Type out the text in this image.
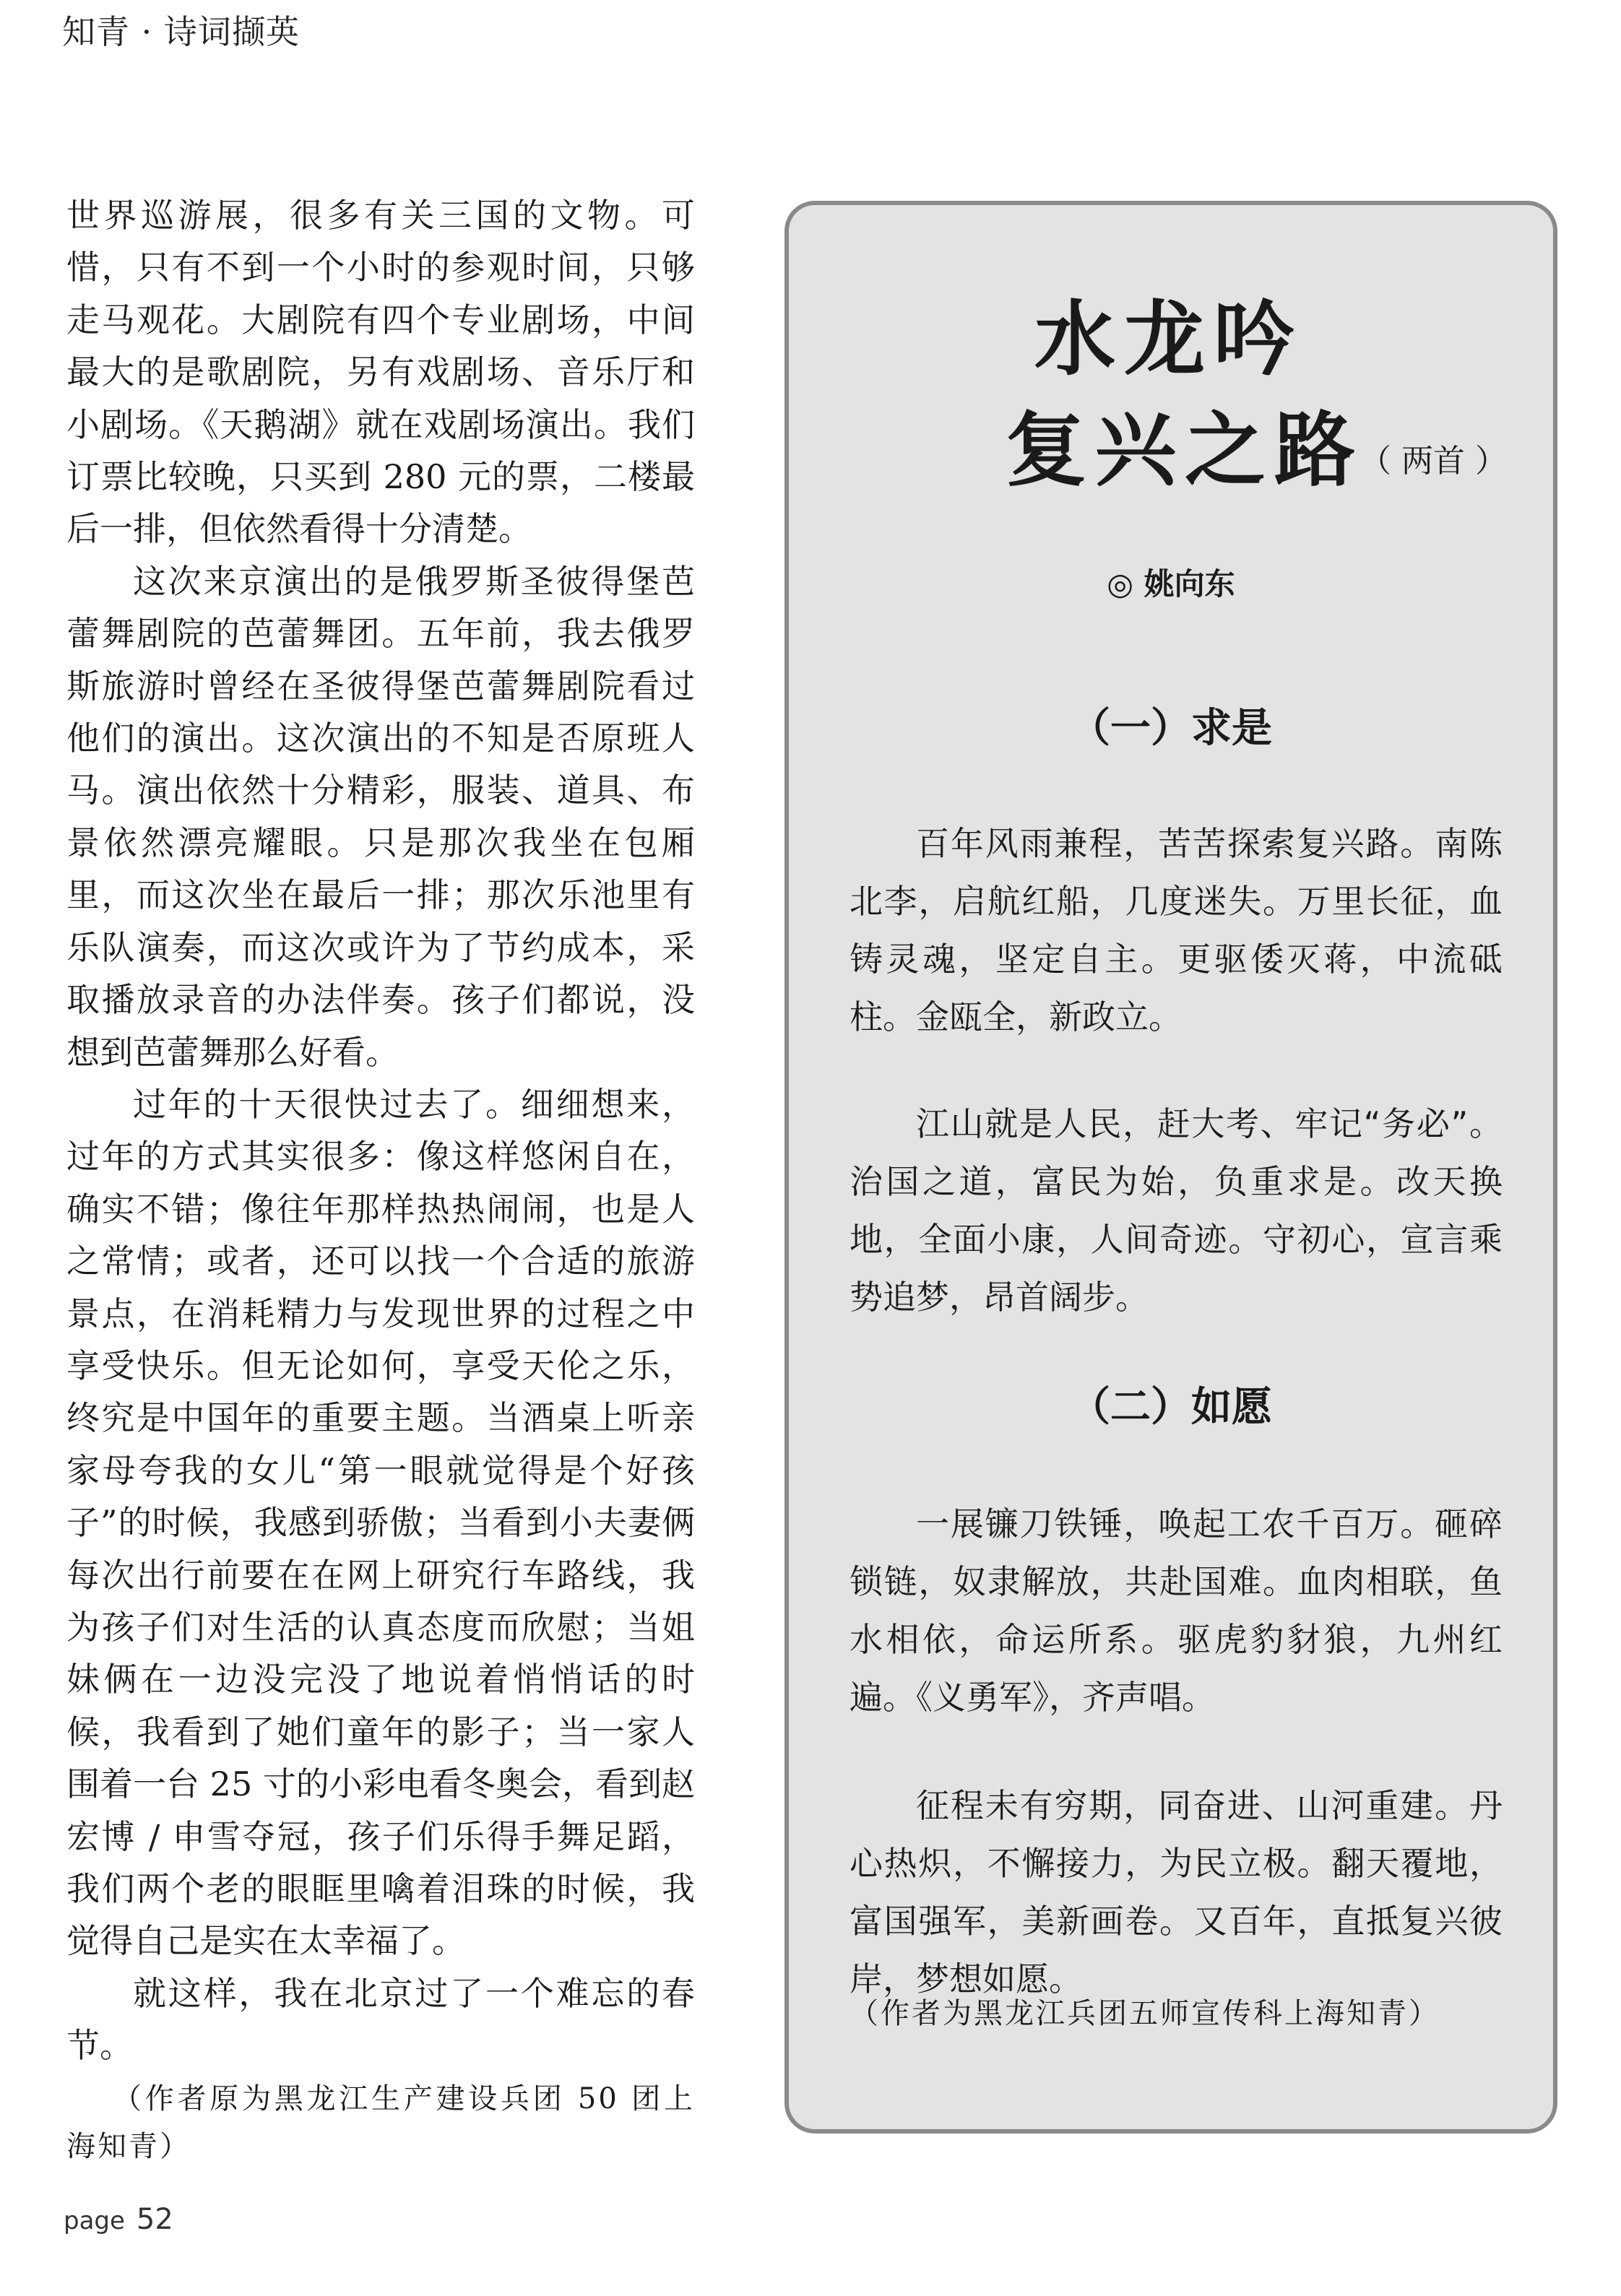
知青 · 诗词撷英

世界巡游展，很多有关三国的文物。可惜，只有不到一个小时的参观时间，只够走马观花。大剧院有四个专业剧场，中间最大的是歌剧院，另有戏剧场、音乐厅和小剧场。《天鹅湖》就在戏剧场演出。我们订票比较晚，只买到 280 元的票，二楼最后一排，但依然看得十分清楚。

这次来京演出的是俄罗斯圣彼得堡芭蕾舞剧院的芭蕾舞团。五年前，我去俄罗斯旅游时曾经在圣彼得堡芭蕾舞剧院看过他们的演出。这次演出的不知是否原班人马。演出依然十分精彩，服装、道具、布景依然漂亮耀眼。只是那次我坐在包厢里，而这次坐在最后一排；那次乐池里有乐队演奏，而这次或许为了节约成本，采取播放录音的办法伴奏。孩子们都说，没想到芭蕾舞那么好看。

过年的十天很快过去了。细细想来，过年的方式其实很多：像这样悠闲自在，确实不错；像往年那样热热闹闹，也是人之常情；或者，还可以找一个合适的旅游景点，在消耗精力与发现世界的过程之中享受快乐。但无论如何，享受天伦之乐，终究是中国年的重要主题。当酒桌上听亲家母夸我的女儿“第一眼就觉得是个好孩子”的时候，我感到骄傲；当看到小夫妻俩每次出行前要在在网上研究行车路线，我为孩子们对生活的认真态度而欣慰；当姐妹俩在一边没完没了地说着悄悄话的时候，我看到了她们童年的影子；当一家人围着一台 25 寸的小彩电看冬奥会，看到赵宏博 / 申雪夺冠，孩子们乐得手舞足蹈，我们两个老的眼眶里噙着泪珠的时候，我觉得自己是实在太幸福了。

就这样，我在北京过了一个难忘的春节。

（作者原为黑龙江生产建设兵团 50 团上海知青）

水龙吟
复兴之路
（ 两首 ）
◎ 姚向东
（一）求是

百年风雨兼程，苦苦探索复兴路。南陈北李，启航红船，几度迷失。万里长征，血铸灵魂，坚定自主。更驱倭灭蒋，中流砥柱。金瓯全，新政立。

江山就是人民，赶大考、牢记“务必”。治国之道，富民为始，负重求是。改天换地，全面小康，人间奇迹。守初心，宣言乘势追梦，昂首阔步。

（二）如愿

一展镰刀铁锤，唤起工农千百万。砸碎锁链，奴隶解放，共赴国难。血肉相联，鱼水相依，命运所系。驱虎豹豺狼，九州红遍。《义勇军》，齐声唱。

征程未有穷期，同奋进、山河重建。丹心热炽，不懈接力，为民立极。翻天覆地，富国强军，美新画卷。又百年，直抵复兴彼岸，梦想如愿。

（作者为黑龙江兵团五师宣传科上海知青）
page 52
